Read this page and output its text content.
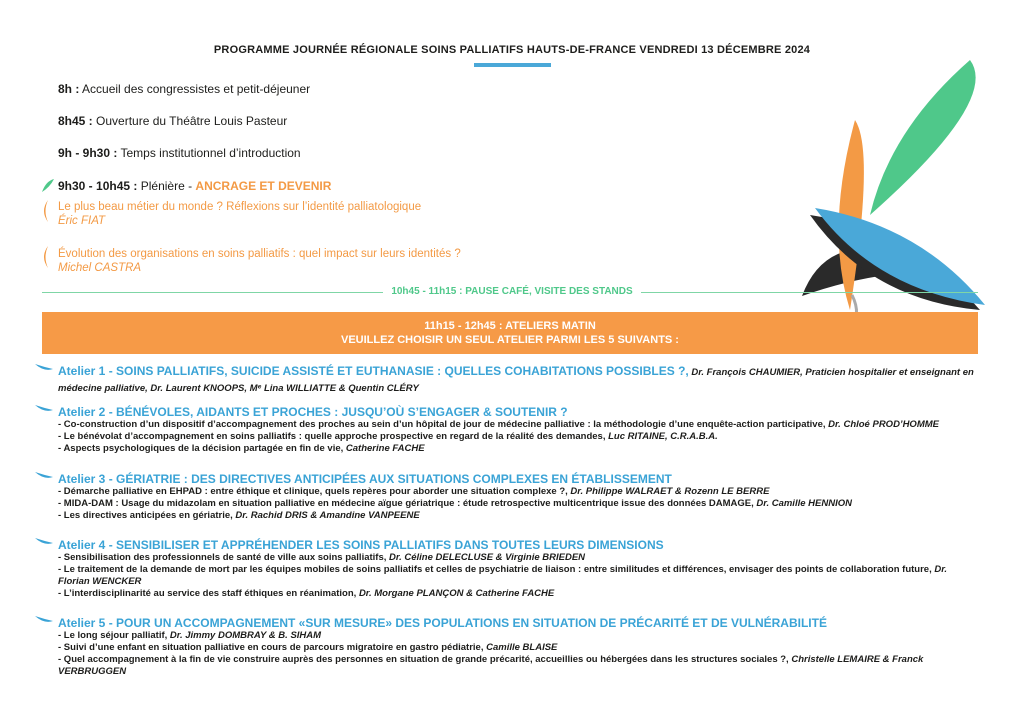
PROGRAMME JOURNÉE RÉGIONALE SOINS PALLIATIFS HAUTS-DE-FRANCE VENDREDI 13 DÉCEMBRE 2024
8h : Accueil des congressistes et petit-déjeuner
8h45 : Ouverture du Théâtre Louis Pasteur
9h - 9h30 : Temps institutionnel d’introduction
9h30 - 10h45 : Plénière - ANCRAGE ET DEVENIR
Le plus beau métier du monde ? Réflexions sur l’identité palliatologique
Éric FIAT
Évolution des organisations en soins palliatifs : quel impact sur leurs identités ?
Michel CASTRA
10h45 - 11h15 : PAUSE CAFÉ, VISITE DES STANDS
11h15 - 12h45 : ATELIERS MATIN
VEUILLEZ CHOISIR UN SEUL ATELIER PARMI LES 5 SUIVANTS :
Atelier 1 - SOINS PALLIATIFS, SUICIDE ASSISTÉ ET EUTHANASIE : QUELLES COHABITATIONS POSSIBLES ?, Dr. François CHAUMIER, Praticien hospitalier et enseignant en médecine palliative, Dr. Laurent KNOOPS, Mᵉ Lina WILLIATTE & Quentin CLÉRY
Atelier 2 - BÉNÉVOLES, AIDANTS ET PROCHES : JUSQU’OÙ S’ENGAGER & SOUTENIR ?
- Co-construction d’un dispositif d’accompagnement des proches au sein d’un hôpital de jour de médecine palliative : la méthodologie d’une enquête-action participative, Dr. Chloé PROD’HOMME
- Le bénévolat d’accompagnement en soins palliatifs : quelle approche prospective en regard de la réalité des demandes, Luc RITAINE, C.R.A.B.A.
- Aspects psychologiques de la décision partagée en fin de vie, Catherine FACHE
Atelier 3 - GÉRIATRIE : DES DIRECTIVES ANTICIPÉES AUX SITUATIONS COMPLEXES EN ÉTABLISSEMENT
- Démarche palliative en EHPAD : entre éthique et clinique, quels repères pour aborder une situation complexe ?, Dr. Philippe WALRAET & Rozenn LE BERRE
- MIDA-DAM : Usage du midazolam en situation palliative en médecine aïgue gériatrique : étude retrospective multicentrique issue des données DAMAGE, Dr. Camille HENNION
- Les directives anticipées en gériatrie, Dr. Rachid DRIS & Amandine VANPEENE
Atelier 4 - SENSIBILISER ET APPRÉHENDER LES SOINS PALLIATIFS DANS TOUTES LEURS DIMENSIONS
- Sensibilisation des professionnels de santé de ville aux soins palliatifs, Dr. Céline DELECLUSE & Virginie BRIEDEN
- Le traitement de la demande de mort par les équipes mobiles de soins palliatifs et celles de psychiatrie de liaison : entre similitudes et différences, envisager des points de collaboration future, Dr. Florian WENCKER
- L’interdisciplinarité au service des staff éthiques en réanimation, Dr. Morgane PLANÇON & Catherine FACHE
Atelier 5 - POUR UN ACCOMPAGNEMENT «SUR MESURE» DES POPULATIONS EN SITUATION DE PRÉCARITÉ ET DE VULNÉRABILITÉ
- Le long séjour palliatif, Dr. Jimmy DOMBRAY & B. SIHAM
- Suivi d’une enfant en situation palliative en cours de parcours migratoire en gastro pédiatrie, Camille BLAISE
- Quel accompagnement à la fin de vie construire auprès des personnes en situation de grande précarité, accueillies ou hébergées dans les structures sociales ?, Christelle LEMAIRE & Franck VERBRUGGEN
